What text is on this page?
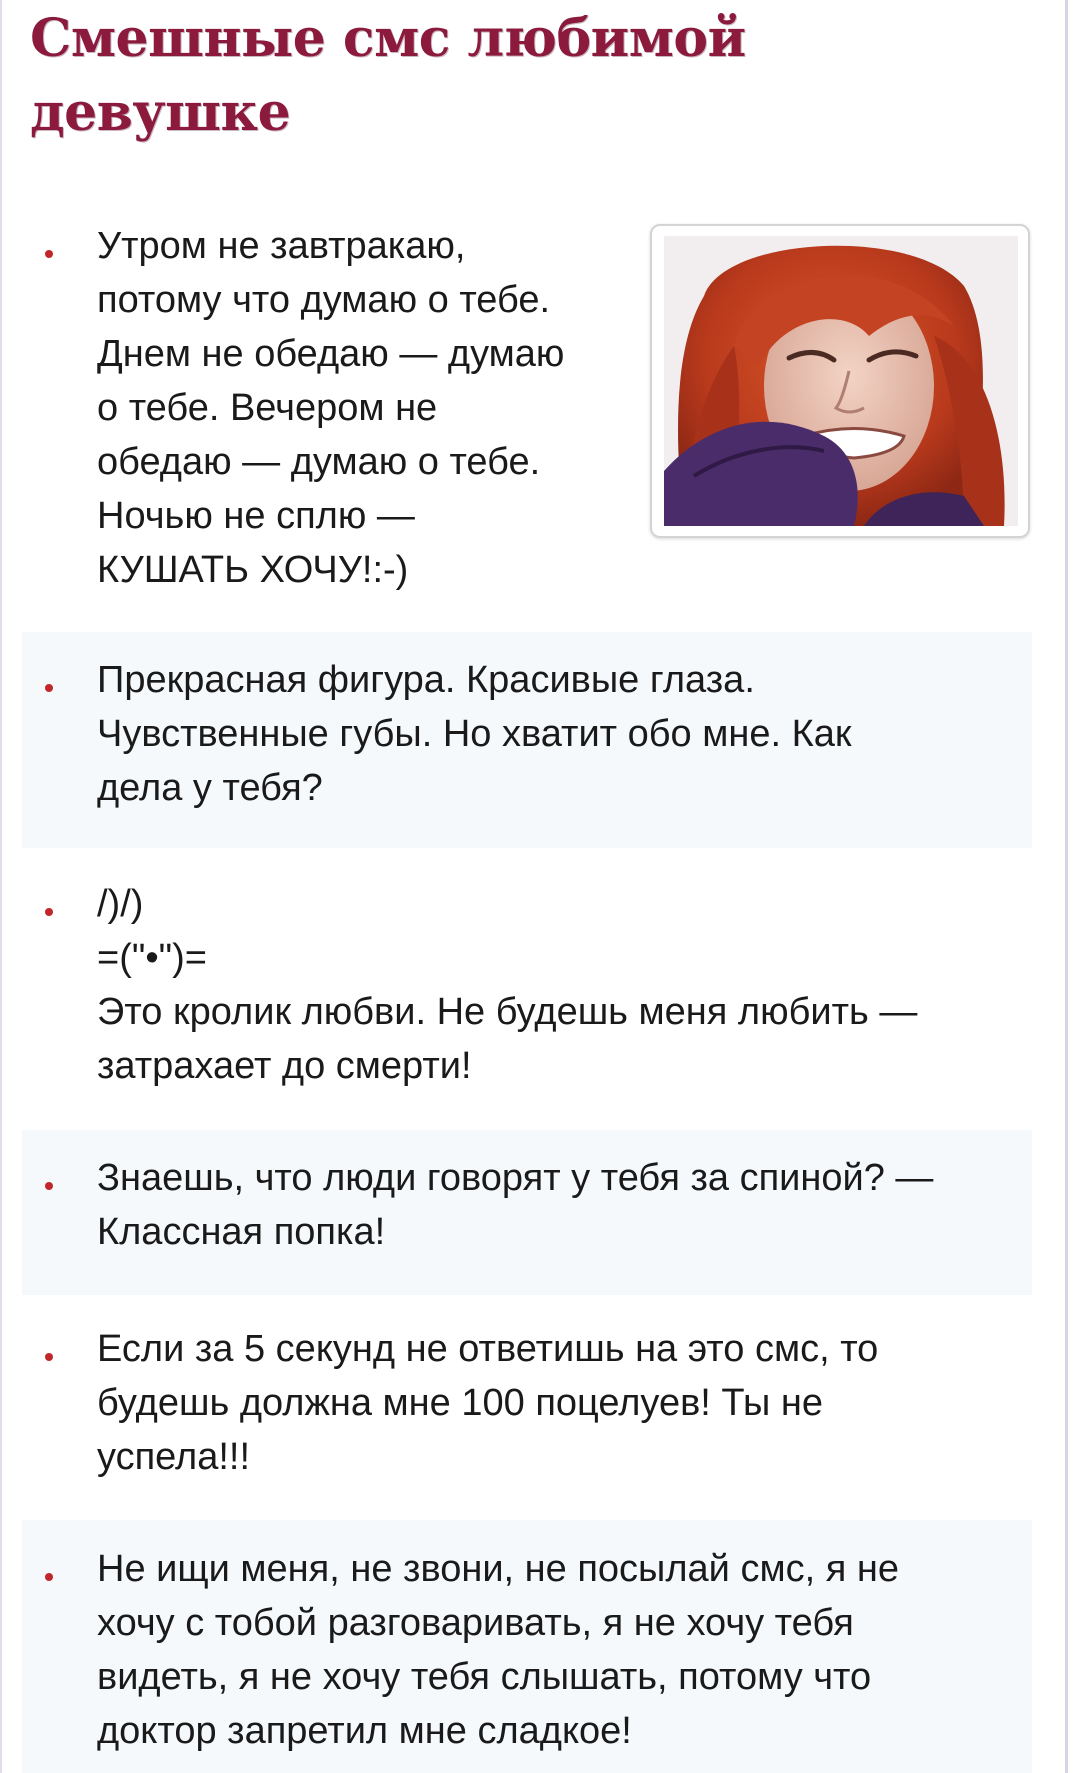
Смешные смс любимой девушке

Утром не завтракаю,
потому что думаю о тебе.
Днем не обедаю — думаю
о тебе. Вечером не
обедаю — думаю о тебе.
Ночью не сплю —
КУШАТЬ ХОЧУ!:-)

Прекрасная фигура. Красивые глаза.
Чувственные губы. Но хватит обо мне. Как
дела у тебя?

/)/)
=("•")=
Это кролик любви. Не будешь меня любить —
затрахает до смерти!

Знаешь, что люди говорят у тебя за спиной? —
Классная попка!

Если за 5 секунд не ответишь на это смс, то
будешь должна мне 100 поцелуев! Ты не
успела!!!

Не ищи меня, не звони, не посылай смс, я не
хочу с тобой разговаривать, я не хочу тебя
видеть, я не хочу тебя слышать, потому что
доктор запретил мне сладкое!
